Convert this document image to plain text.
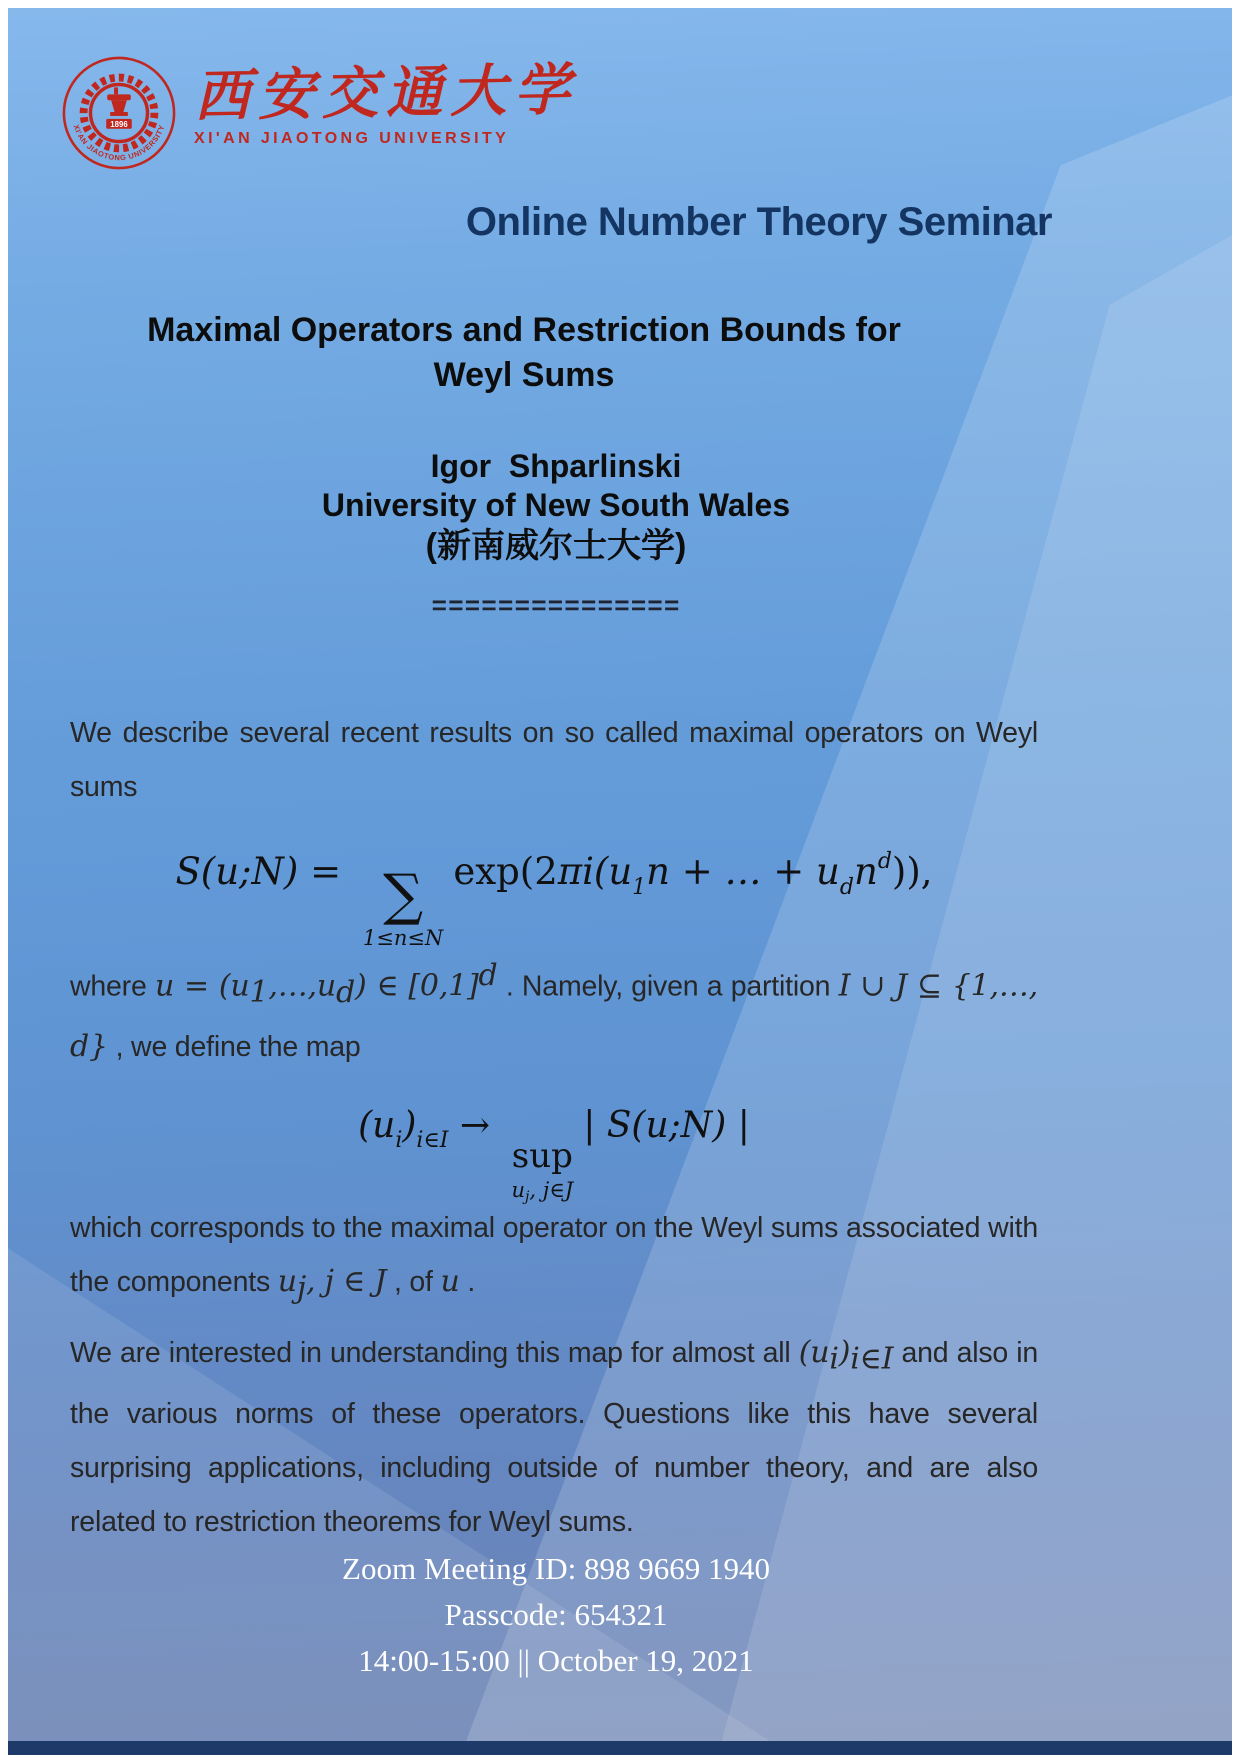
1896
XI'AN JIAOTONG UNIVERSITY 西安交通大学
XI'AN JIAOTONG UNIVERSITY
Online Number Theory Seminar
Maximal Operators and Restriction Bounds for
Weyl Sums
Igor  Shparlinski
University of New South Wales
(新南威尔士大学)
===============

We describe several recent results on so called maximal operators on Weyl sums

S(u;N) = ∑
1≤n≤N
$\exp(2\pi i(u_1n$ + … + $u_dn^d$)),

where $u = (u_1,\dots,u_d)$ ∈ $[0,1]^d$ . Namely, given a partition I ∪ J ⊆ {1,…, d} , we define the map

$(u_i)_{i\in I}$ →
sup
$u_j$, j∈J
| S(u;N) |

which corresponds to the maximal operator on the Weyl sums associated with the components $u_j$, j ∈ J , of u .

We are interested in understanding this map for almost all $(u_i)_{i\in I}$ and also in the various norms of these operators. Questions like this have several surprising applications, including outside of number theory, and are also related to restriction theorems for Weyl sums.

Zoom Meeting ID: 898 9669 1940
Passcode: 654321
14:00-15:00 || October 19, 2021
